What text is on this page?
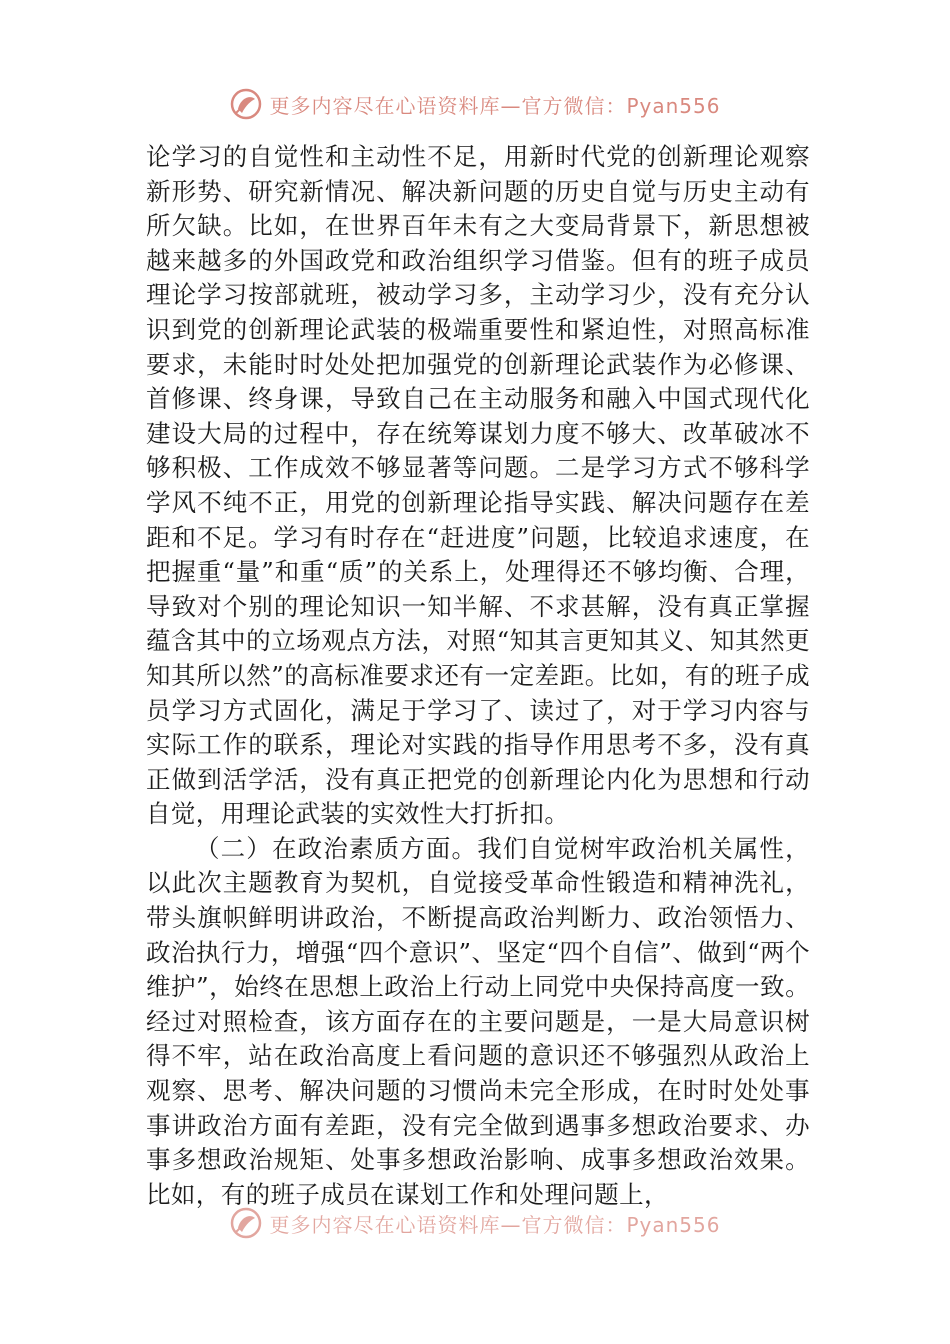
更多内容尽在心语资料库—官方微信：Pyan556

论学习的自觉性和主动性不足，用新时代党的创新理论观察新形势、研究新情况、解决新问题的历史自觉与历史主动有所欠缺。比如，在世界百年未有之大变局背景下，新思想被越来越多的外国政党和政治组织学习借鉴。但有的班子成员理论学习按部就班，被动学习多，主动学习少，没有充分认识到党的创新理论武装的极端重要性和紧迫性，对照高标准要求，未能时时处处把加强党的创新理论武装作为必修课、首修课、终身课，导致自己在主动服务和融入中国式现代化建设大局的过程中，存在统筹谋划力度不够大、改革破冰不够积极、工作成效不够显著等问题。二是学习方式不够科学学风不纯不正，用党的创新理论指导实践、解决问题存在差距和不足。学习有时存在“赶进度”问题，比较追求速度，在把握重“量”和重“质”的关系上，处理得还不够均衡、合理，导致对个别的理论知识一知半解、不求甚解，没有真正掌握蕴含其中的立场观点方法，对照“知其言更知其义、知其然更知其所以然”的高标准要求还有一定差距。比如，有的班子成员学习方式固化，满足于学习了、读过了，对于学习内容与实际工作的联系，理论对实践的指导作用思考不多，没有真正做到活学活，没有真正把党的创新理论内化为思想和行动自觉，用理论武装的实效性大打折扣。

（二）在政治素质方面。我们自觉树牢政治机关属性，以此次主题教育为契机，自觉接受革命性锻造和精神洗礼，带头旗帜鲜明讲政治，不断提高政治判断力、政治领悟力、政治执行力，增强“四个意识”、坚定“四个自信”、做到“两个维护”，始终在思想上政治上行动上同党中央保持高度一致。经过对照检查，该方面存在的主要问题是，一是大局意识树得不牢，站在政治高度上看问题的意识还不够强烈从政治上观察、思考、解决问题的习惯尚未完全形成，在时时处处事事讲政治方面有差距，没有完全做到遇事多想政治要求、办事多想政治规矩、处事多想政治影响、成事多想政治效果。比如，有的班子成员在谋划工作和处理问题上，

更多内容尽在心语资料库—官方微信：Pyan556
